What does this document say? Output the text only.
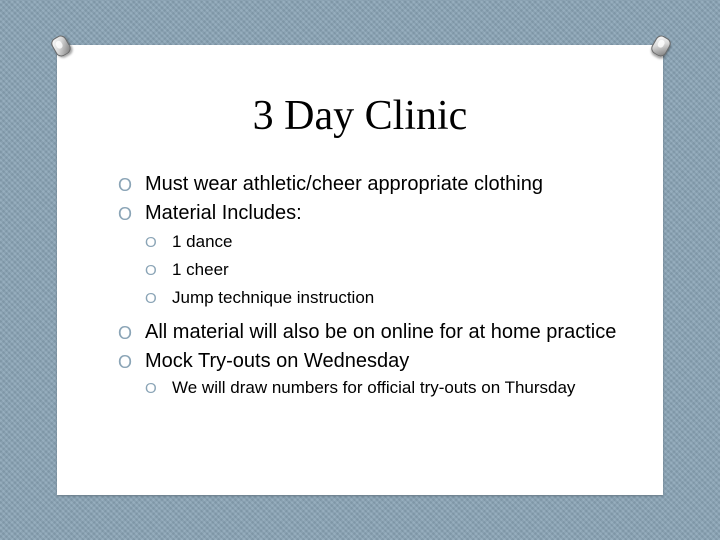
3 Day Clinic
O Must wear athletic/cheer appropriate clothing
O Material Includes:
O 1 dance
O 1 cheer
O Jump technique instruction
O All material will also be on online for at home practice
O Mock Try-outs on Wednesday
O We will draw numbers for official try-outs on Thursday
